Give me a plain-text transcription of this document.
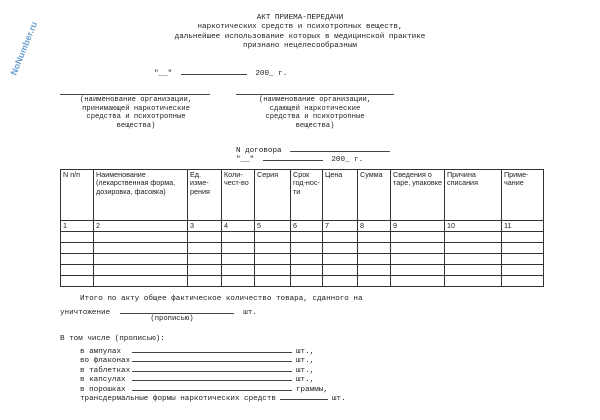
NoNumber.ru
АКТ ПРИЕМА-ПЕРЕДАЧИ
наркотических средств и психотропных веществ,
дальнейшее использование которых в медицинской практике
признано нецелесообразным
"__"	200_ г.
(наименование организации,
принимающей наркотические
средства и психотропные
вещества)
(наименование организации,
сдающей наркотические
средства и психотропные
вещества)
N договора
"__"	200_ г.
N п/п	Наименование (лекарственная форма, дозировка, фасовка)	Ед. изме-рения	Коли-чест-во	Серия	Срок год-нос-ти	Цена	Сумма	Сведения о таре, упаковке	Причина списания	Приме-чание
1	2	3	4	5	6	7	8	9	10	11

Итого по акту общее фактическое количество товара, сданного на
уничтожение	шт.
(прописью)
В том числе (прописью):
в ампулах	шт.,
во флаконах	шт.,
в таблетках	шт.,
в капсулах	шт.,
в порошках	граммы,
трансдермальные формы наркотических средств	шт.
